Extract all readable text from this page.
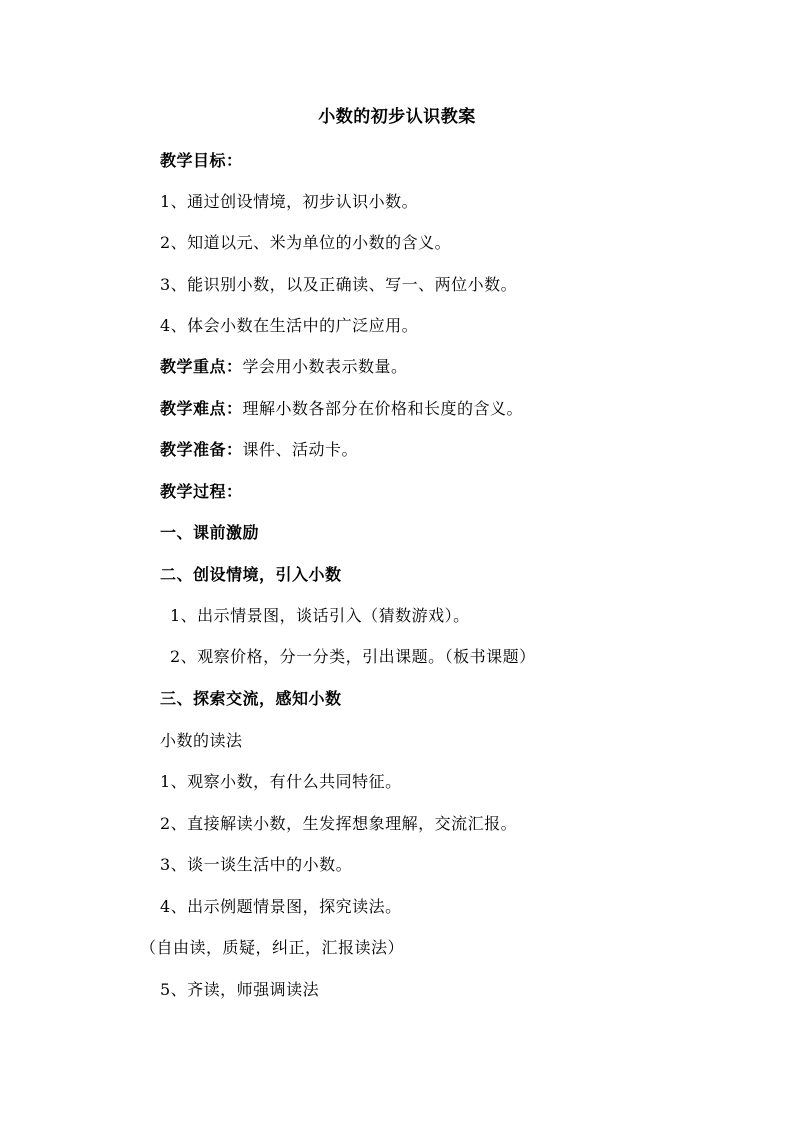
小数的初步认识教案
教学目标：
1、通过创设情境，初步认识小数。
2、知道以元、米为单位的小数的含义。
3、能识别小数，以及正确读、写一、两位小数。
4、体会小数在生活中的广泛应用。
教学重点：学会用小数表示数量。
教学难点：理解小数各部分在价格和长度的含义。
教学准备：课件、活动卡。
教学过程：
一、课前激励
二、创设情境，引入小数
1、出示情景图，谈话引入（猜数游戏）。
2、观察价格，分一分类，引出课题。（板书课题）
三、探索交流，感知小数
小数的读法
1、观察小数，有什么共同特征。
2、直接解读小数，生发挥想象理解，交流汇报。
3、谈一谈生活中的小数。
4、出示例题情景图，探究读法。
（自由读，质疑，纠正，汇报读法）
5、齐读，师强调读法
